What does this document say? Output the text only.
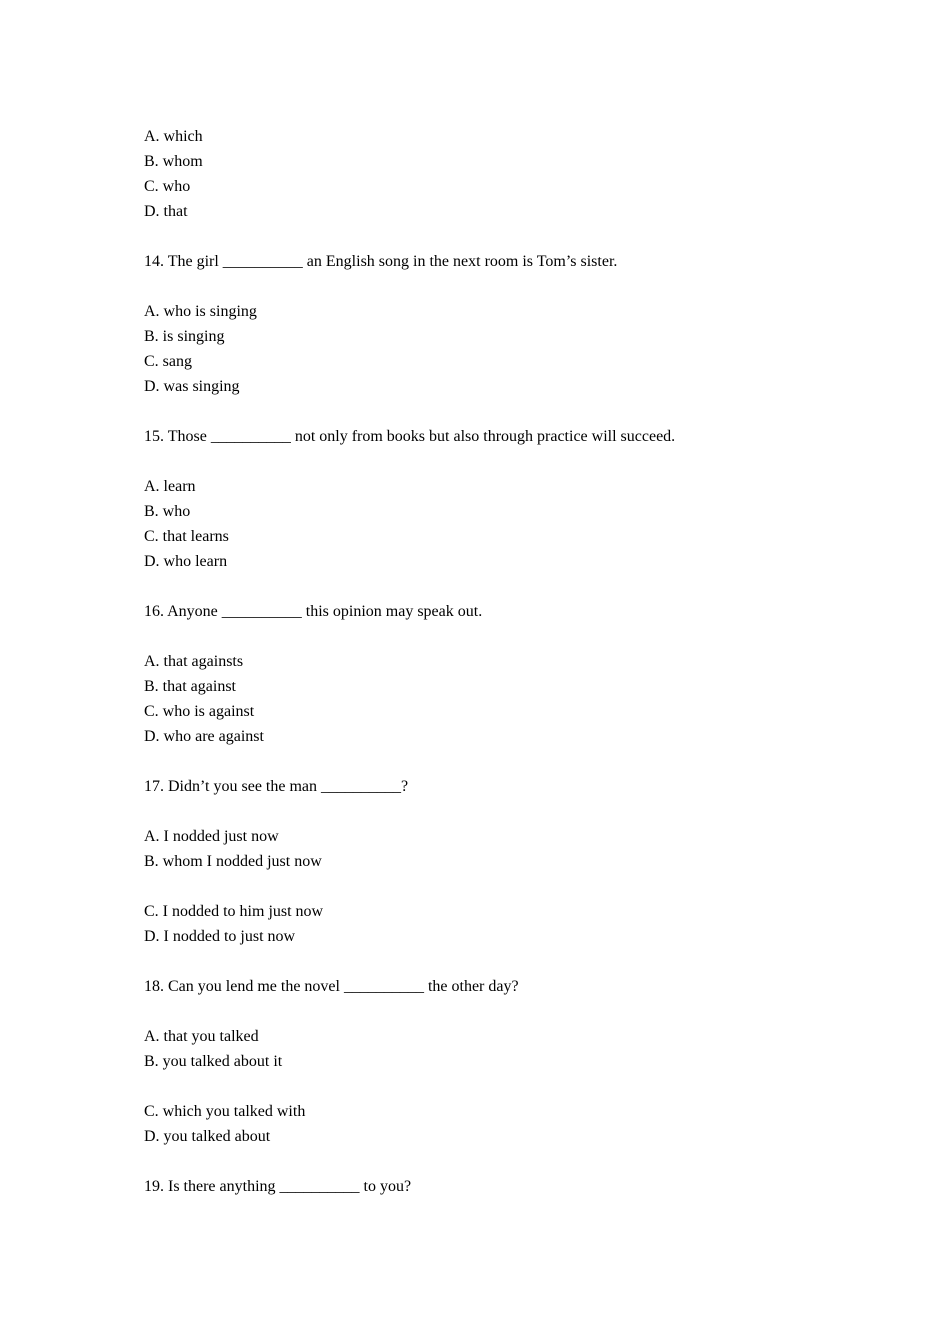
A. which
B. whom
C. who
D. that
14. The girl __________ an English song in the next room is Tom’s sister.
A. who is singing
B. is singing
C. sang
D. was singing
15. Those __________ not only from books but also through practice will succeed.
A. learn
B. who
C. that learns
D. who learn
16. Anyone __________ this opinion may speak out.
A. that againsts
B. that against
C. who is against
D. who are against
17. Didn’t you see the man __________?
A. I nodded just now
B. whom I nodded just now
C. I nodded to him just now
D. I nodded to just now
18. Can you lend me the novel __________ the other day?
A. that you talked
B. you talked about it
C. which you talked with
D. you talked about
19. Is there anything __________ to you?
